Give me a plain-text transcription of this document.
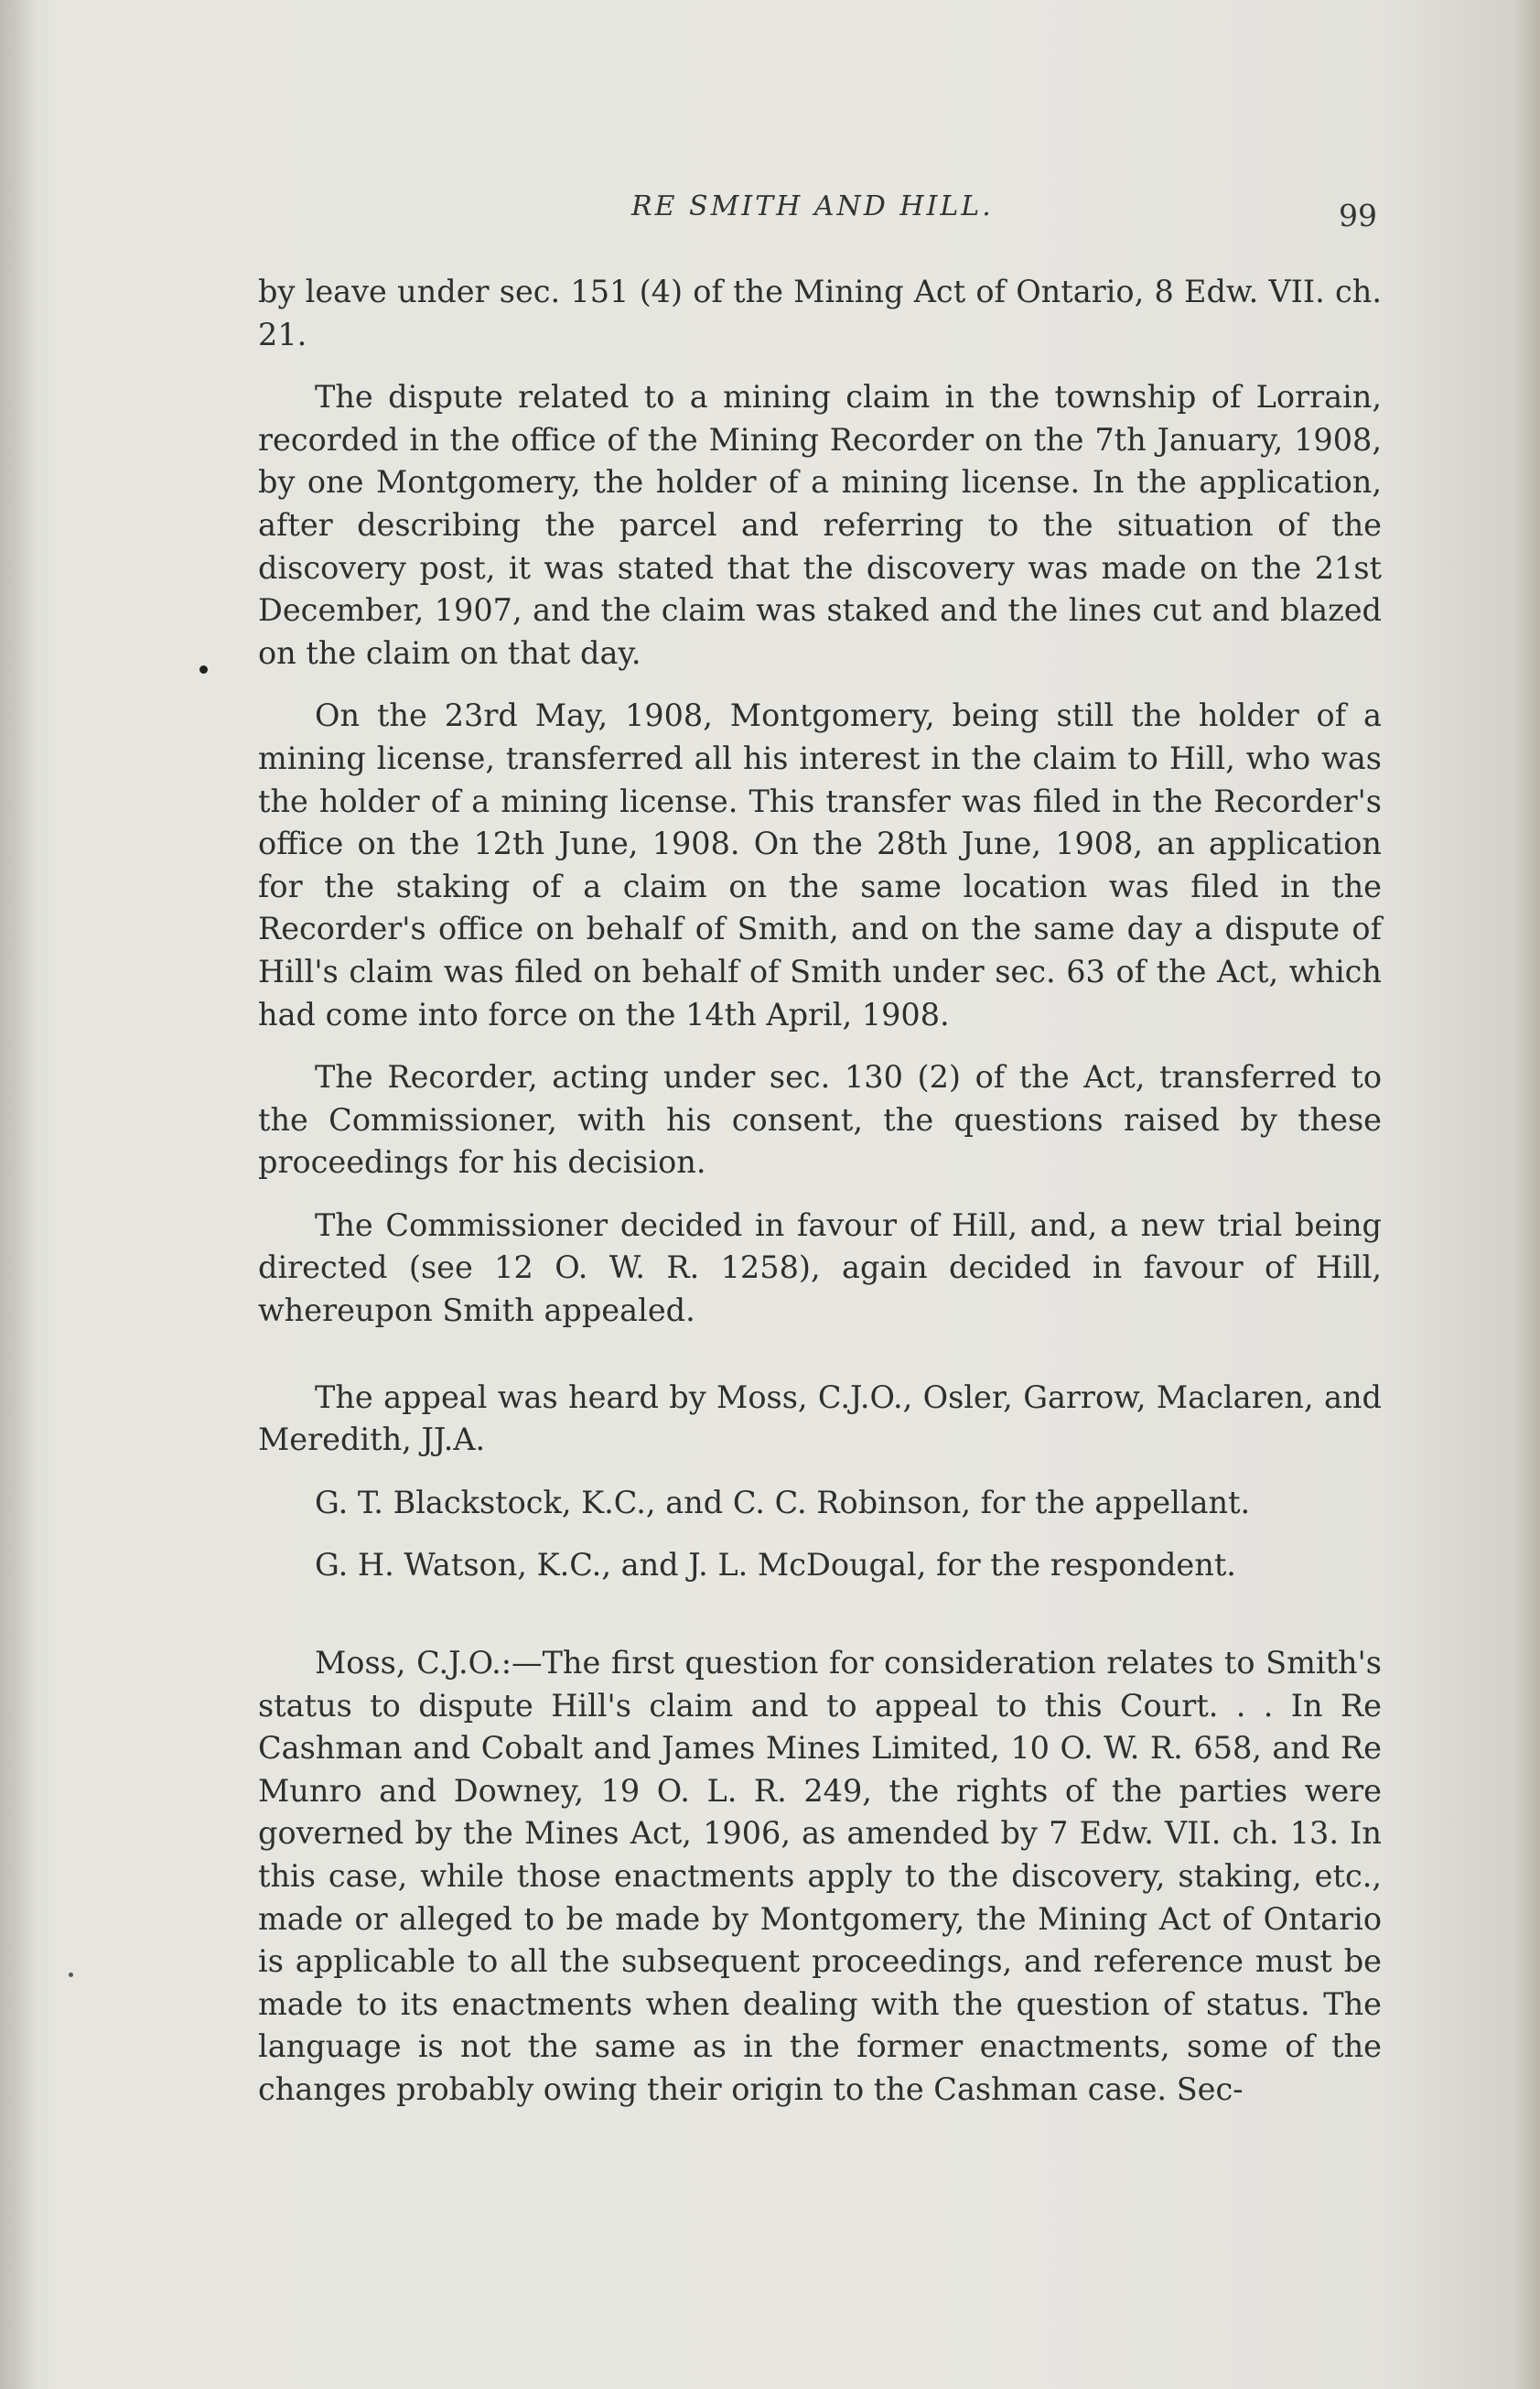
RE SMITH AND HILL.	99

by leave under sec. 151 (4) of the Mining Act of Ontario, 8 Edw. VII. ch. 21.

The dispute related to a mining claim in the township of Lorrain, recorded in the office of the Mining Recorder on the 7th January, 1908, by one Montgomery, the holder of a mining license. In the application, after describing the parcel and referring to the situation of the discovery post, it was stated that the discovery was made on the 21st December, 1907, and the claim was staked and the lines cut and blazed on the claim on that day.

On the 23rd May, 1908, Montgomery, being still the holder of a mining license, transferred all his interest in the claim to Hill, who was the holder of a mining license. This transfer was filed in the Recorder's office on the 12th June, 1908. On the 28th June, 1908, an application for the staking of a claim on the same location was filed in the Recorder's office on behalf of Smith, and on the same day a dispute of Hill's claim was filed on behalf of Smith under sec. 63 of the Act, which had come into force on the 14th April, 1908.

The Recorder, acting under sec. 130 (2) of the Act, transferred to the Commissioner, with his consent, the questions raised by these proceedings for his decision.

The Commissioner decided in favour of Hill, and, a new trial being directed (see 12 O. W. R. 1258), again decided in favour of Hill, whereupon Smith appealed.

The appeal was heard by Moss, C.J.O., Osler, Garrow, Maclaren, and Meredith, JJ.A.

G. T. Blackstock, K.C., and C. C. Robinson, for the appellant.

G. H. Watson, K.C., and J. L. McDougal, for the respondent.

Moss, C.J.O.:—The first question for consideration relates to Smith's status to dispute Hill's claim and to appeal to this Court. . . In Re Cashman and Cobalt and James Mines Limited, 10 O. W. R. 658, and Re Munro and Downey, 19 O. L. R. 249, the rights of the parties were governed by the Mines Act, 1906, as amended by 7 Edw. VII. ch. 13. In this case, while those enactments apply to the discovery, staking, etc., made or alleged to be made by Montgomery, the Mining Act of Ontario is applicable to all the subsequent proceedings, and reference must be made to its enactments when dealing with the question of status. The language is not the same as in the former enactments, some of the changes probably owing their origin to the Cashman case. Sec-
